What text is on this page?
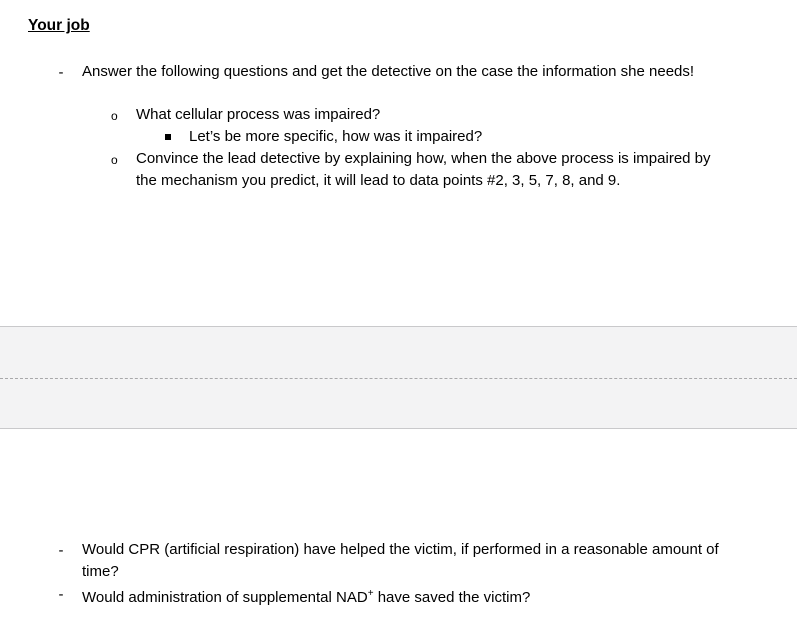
Your job
- Answer the following questions and get the detective on the case the information she needs!
o What cellular process was impaired?
Let’s be more specific, how was it impaired?
o Convince the lead detective by explaining how, when the above process is impaired by the mechanism you predict, it will lead to data points #2, 3, 5, 7, 8, and 9.
- Would CPR (artificial respiration) have helped the victim, if performed in a reasonable amount of time?
- Would administration of supplemental NAD+ have saved the victim?
